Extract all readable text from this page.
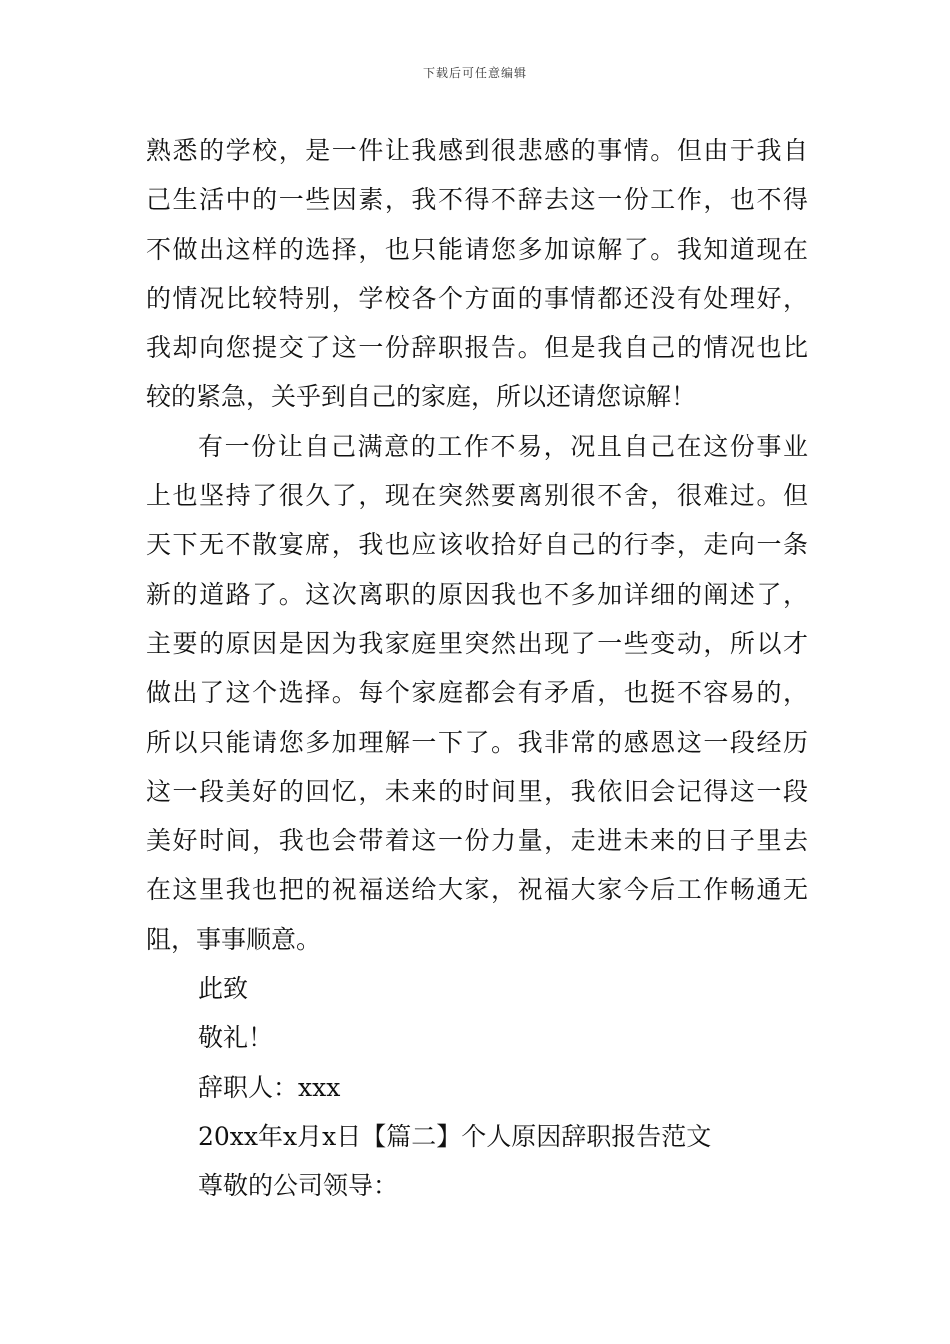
下载后可任意编辑
熟悉的学校，是一件让我感到很悲感的事情。但由于我自
己生活中的一些因素，我不得不辞去这一份工作，也不得
不做出这样的选择，也只能请您多加谅解了。我知道现在
的情况比较特别，学校各个方面的事情都还没有处理好，
我却向您提交了这一份辞职报告。但是我自己的情况也比
较的紧急，关乎到自己的家庭，所以还请您谅解！
有一份让自己满意的工作不易，况且自己在这份事业
上也坚持了很久了，现在突然要离别很不舍，很难过。但
天下无不散宴席，我也应该收拾好自己的行李，走向一条
新的道路了。这次离职的原因我也不多加详细的阐述了，
主要的原因是因为我家庭里突然出现了一些变动，所以才
做出了这个选择。每个家庭都会有矛盾，也挺不容易的，
所以只能请您多加理解一下了。我非常的感恩这一段经历
这一段美好的回忆，未来的时间里，我依旧会记得这一段
美好时间，我也会带着这一份力量，走进未来的日子里去
在这里我也把的祝福送给大家，祝福大家今后工作畅通无
阻，事事顺意。
此致
敬礼！
辞职人：xxx
20xx年x月x日【篇二】个人原因辞职报告范文
尊敬的公司领导：
